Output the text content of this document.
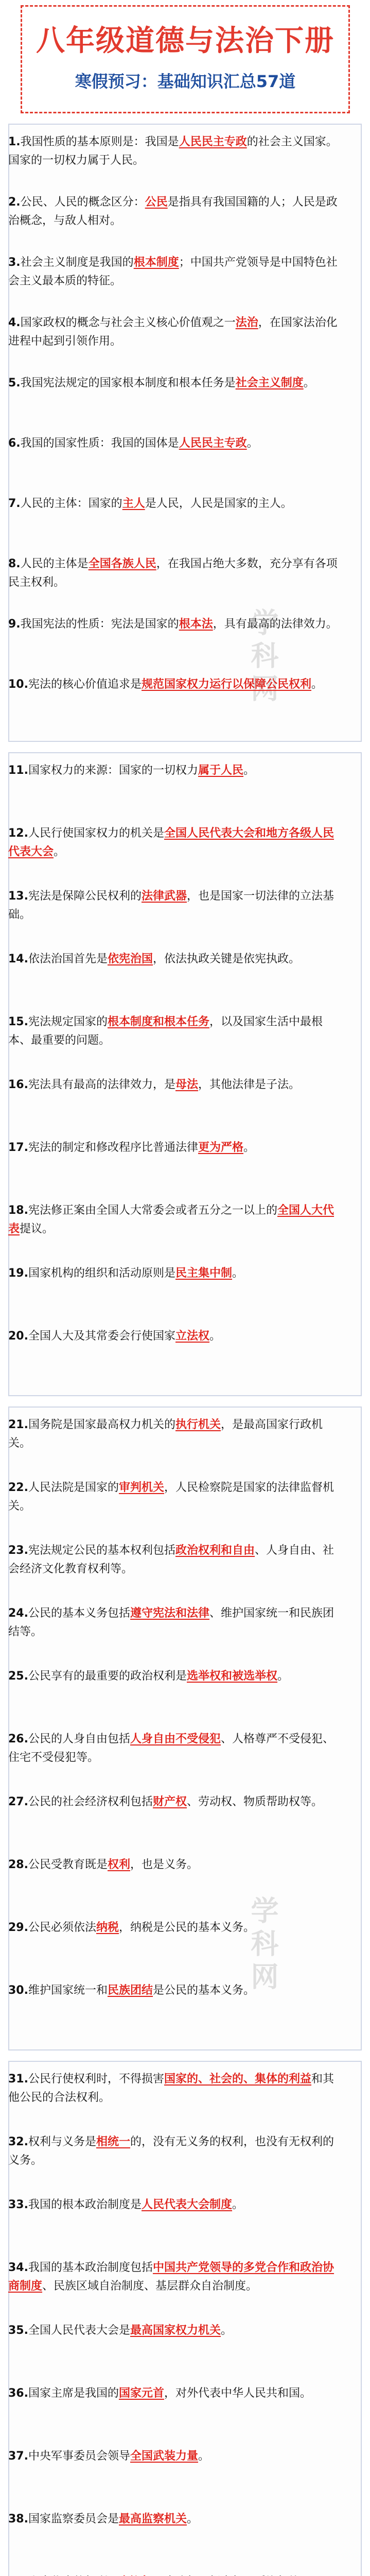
八年级道德与法治下册
寒假预习：基础知识汇总57道
学科网
学科网
1.我国性质的基本原则是：我国是人民民主专政的社会主义国家。国家的一切权力属于人民。
2.公民、人民的概念区分：公民是指具有我国国籍的人；人民是政治概念，与敌人相对。
3.社会主义制度是我国的根本制度；中国共产党领导是中国特色社会主义最本质的特征。
4.国家政权的概念与社会主义核心价值观之一法治，在国家法治化进程中起到引领作用。
5.我国宪法规定的国家根本制度和根本任务是社会主义制度。
6.我国的国家性质：我国的国体是人民民主专政。
7.人民的主体：国家的主人是人民，人民是国家的主人。
8.人民的主体是全国各族人民，在我国占绝大多数，充分享有各项民主权利。
9.我国宪法的性质：宪法是国家的根本法，具有最高的法律效力。
10.宪法的核心价值追求是规范国家权力运行以保障公民权利。
11.国家权力的来源：国家的一切权力属于人民。
12.人民行使国家权力的机关是全国人民代表大会和地方各级人民代表大会。
13.宪法是保障公民权利的法律武器，也是国家一切法律的立法基础。
14.依法治国首先是依宪治国，依法执政关键是依宪执政。
15.宪法规定国家的根本制度和根本任务，以及国家生活中最根本、最重要的问题。
16.宪法具有最高的法律效力，是母法，其他法律是子法。
17.宪法的制定和修改程序比普通法律更为严格。
18.宪法修正案由全国人大常委会或者五分之一以上的全国人大代表提议。
19.国家机构的组织和活动原则是民主集中制。
20.全国人大及其常委会行使国家立法权。
21.国务院是国家最高权力机关的执行机关，是最高国家行政机关。
22.人民法院是国家的审判机关，人民检察院是国家的法律监督机关。
23.宪法规定公民的基本权利包括政治权利和自由、人身自由、社会经济文化教育权利等。
24.公民的基本义务包括遵守宪法和法律、维护国家统一和民族团结等。
25.公民享有的最重要的政治权利是选举权和被选举权。
26.公民的人身自由包括人身自由不受侵犯、人格尊严不受侵犯、住宅不受侵犯等。
27.公民的社会经济权利包括财产权、劳动权、物质帮助权等。
28.公民受教育既是权利，也是义务。
29.公民必须依法纳税，纳税是公民的基本义务。
30.维护国家统一和民族团结是公民的基本义务。
31.公民行使权利时，不得损害国家的、社会的、集体的利益和其他公民的合法权利。
32.权利与义务是相统一的，没有无义务的权利，也没有无权利的义务。
33.我国的根本政治制度是人民代表大会制度。
34.我国的基本政治制度包括中国共产党领导的多党合作和政治协商制度、民族区域自治制度、基层群众自治制度。
35.全国人民代表大会是最高国家权力机关。
36.国家主席是我国的国家元首，对外代表中华人民共和国。
37.中央军事委员会领导全国武装力量。
38.国家监察委员会是最高监察机关。
